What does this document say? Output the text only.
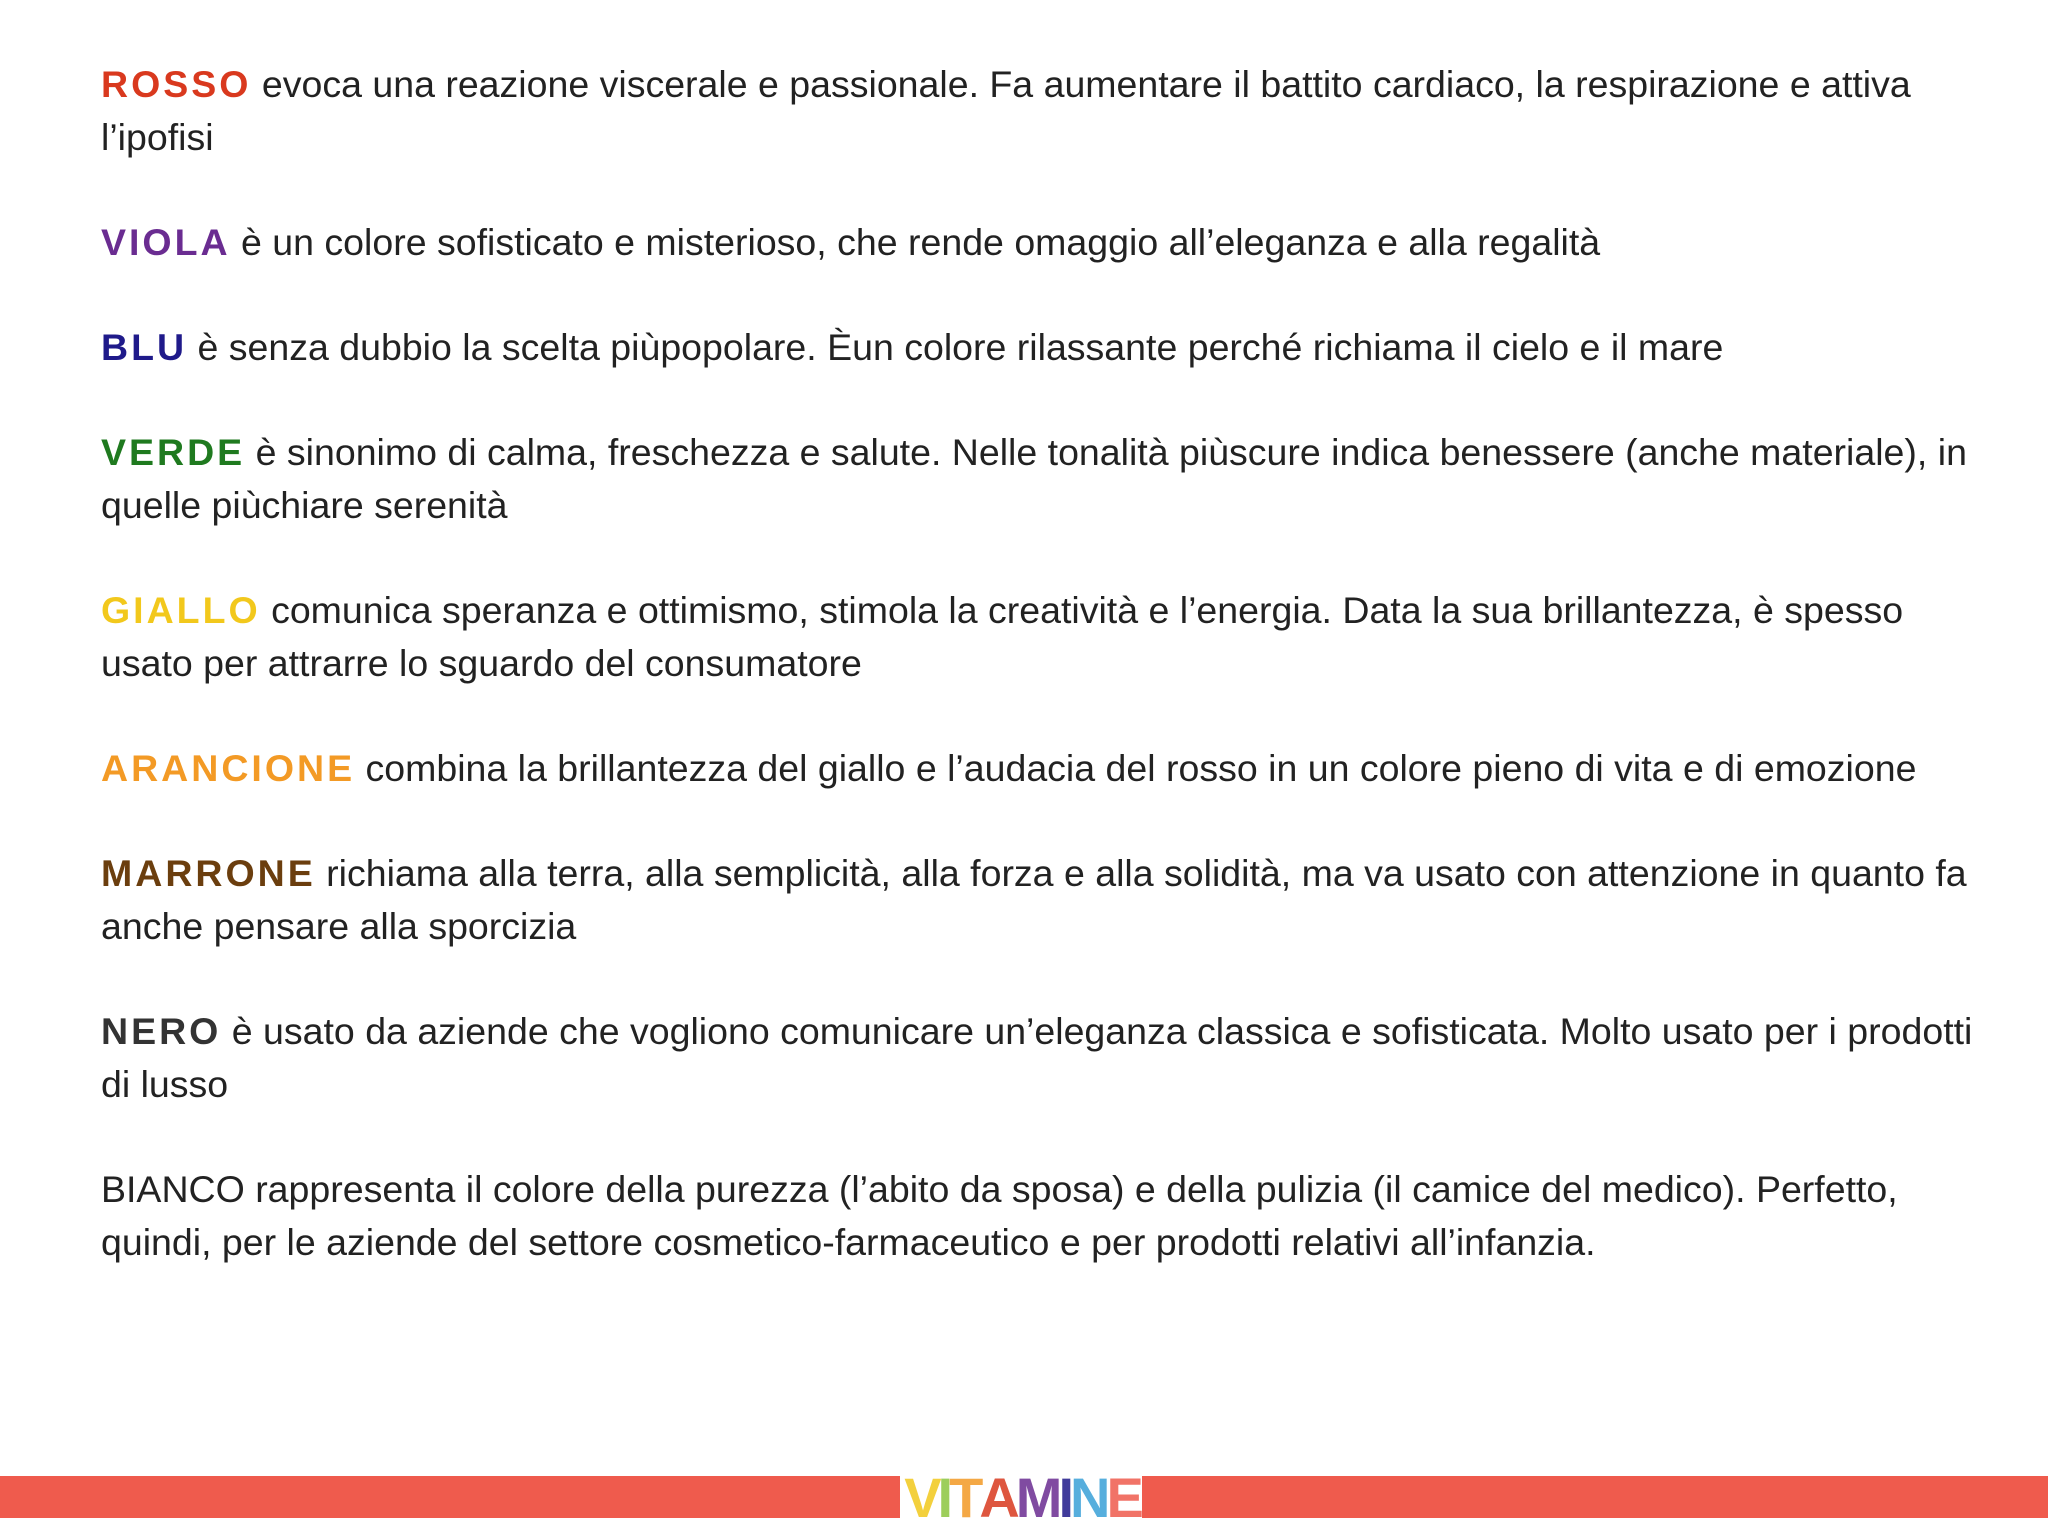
ROSSO evoca una reazione viscerale e passionale. Fa aumentare il battito cardiaco, la respirazione e attiva l’ipofisi

VIOLA è un colore sofisticato e misterioso, che rende omaggio all’eleganza e alla regalità

BLU è senza dubbio la scelta piùpopolare. Èun colore rilassante perché richiama il cielo e il mare

VERDE è sinonimo di calma, freschezza e salute. Nelle tonalità piùscure indica benessere (anche materiale), in quelle piùchiare serenità

GIALLO comunica speranza e ottimismo, stimola la creatività e l’energia. Data la sua brillantezza, è spesso usato per attrarre lo sguardo del consumatore

ARANCIONE combina la brillantezza del giallo e l’audacia del rosso in un colore pieno di vita e di emozione

MARRONE richiama alla terra, alla semplicità, alla forza e alla solidità, ma va usato con attenzione in quanto fa anche pensare alla sporcizia

NERO è usato da aziende che vogliono comunicare un’eleganza classica e sofisticata. Molto usato per i prodotti di lusso

BIANCO rappresenta il colore della purezza (l’abito da sposa) e della pulizia (il camice del medico). Perfetto, quindi, per le aziende del settore cosmetico-farmaceutico e per prodotti relativi all’infanzia.

V I T A M I N E
